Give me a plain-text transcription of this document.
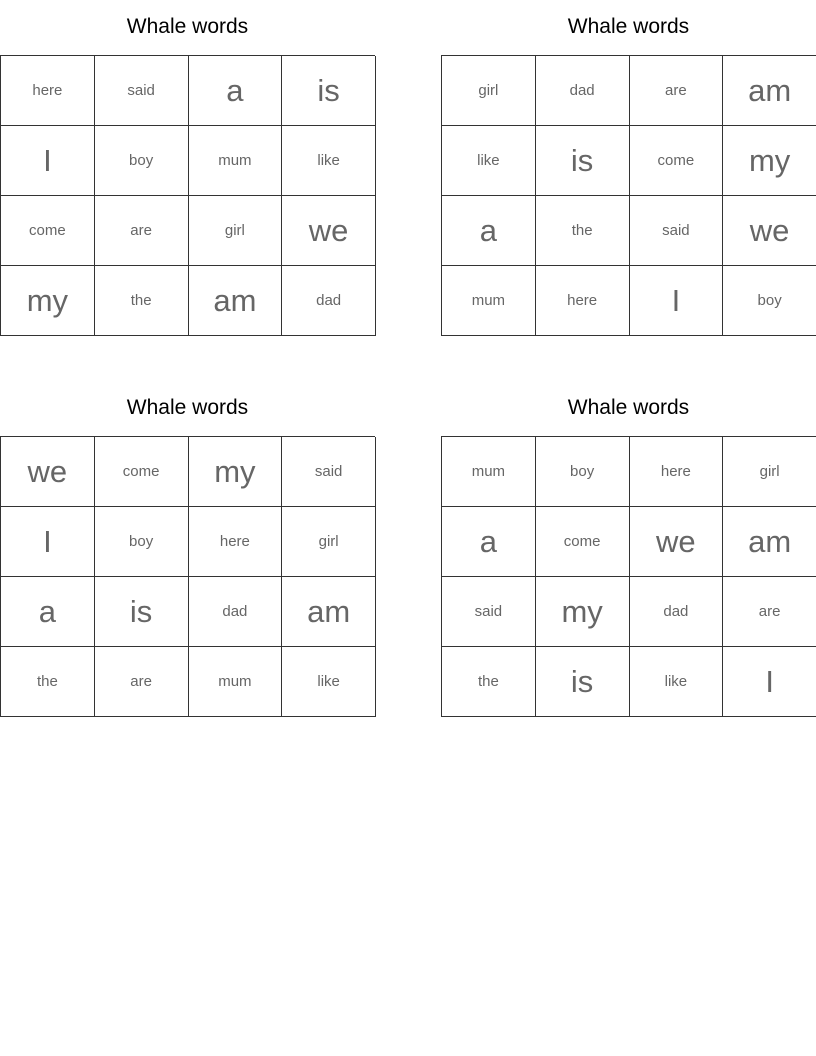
Whale words
here	said	a	is
I	boy	mum	like
come	are	girl	we
my	the	am	dad
Whale words
girl	dad	are	am
like	is	come	my
a	the	said	we
mum	here	I	boy
Whale words
we	come	my	said
I	boy	here	girl
a	is	dad	am
the	are	mum	like
Whale words
mum	boy	here	girl
a	come	we	am
said	my	dad	are
the	is	like	I
